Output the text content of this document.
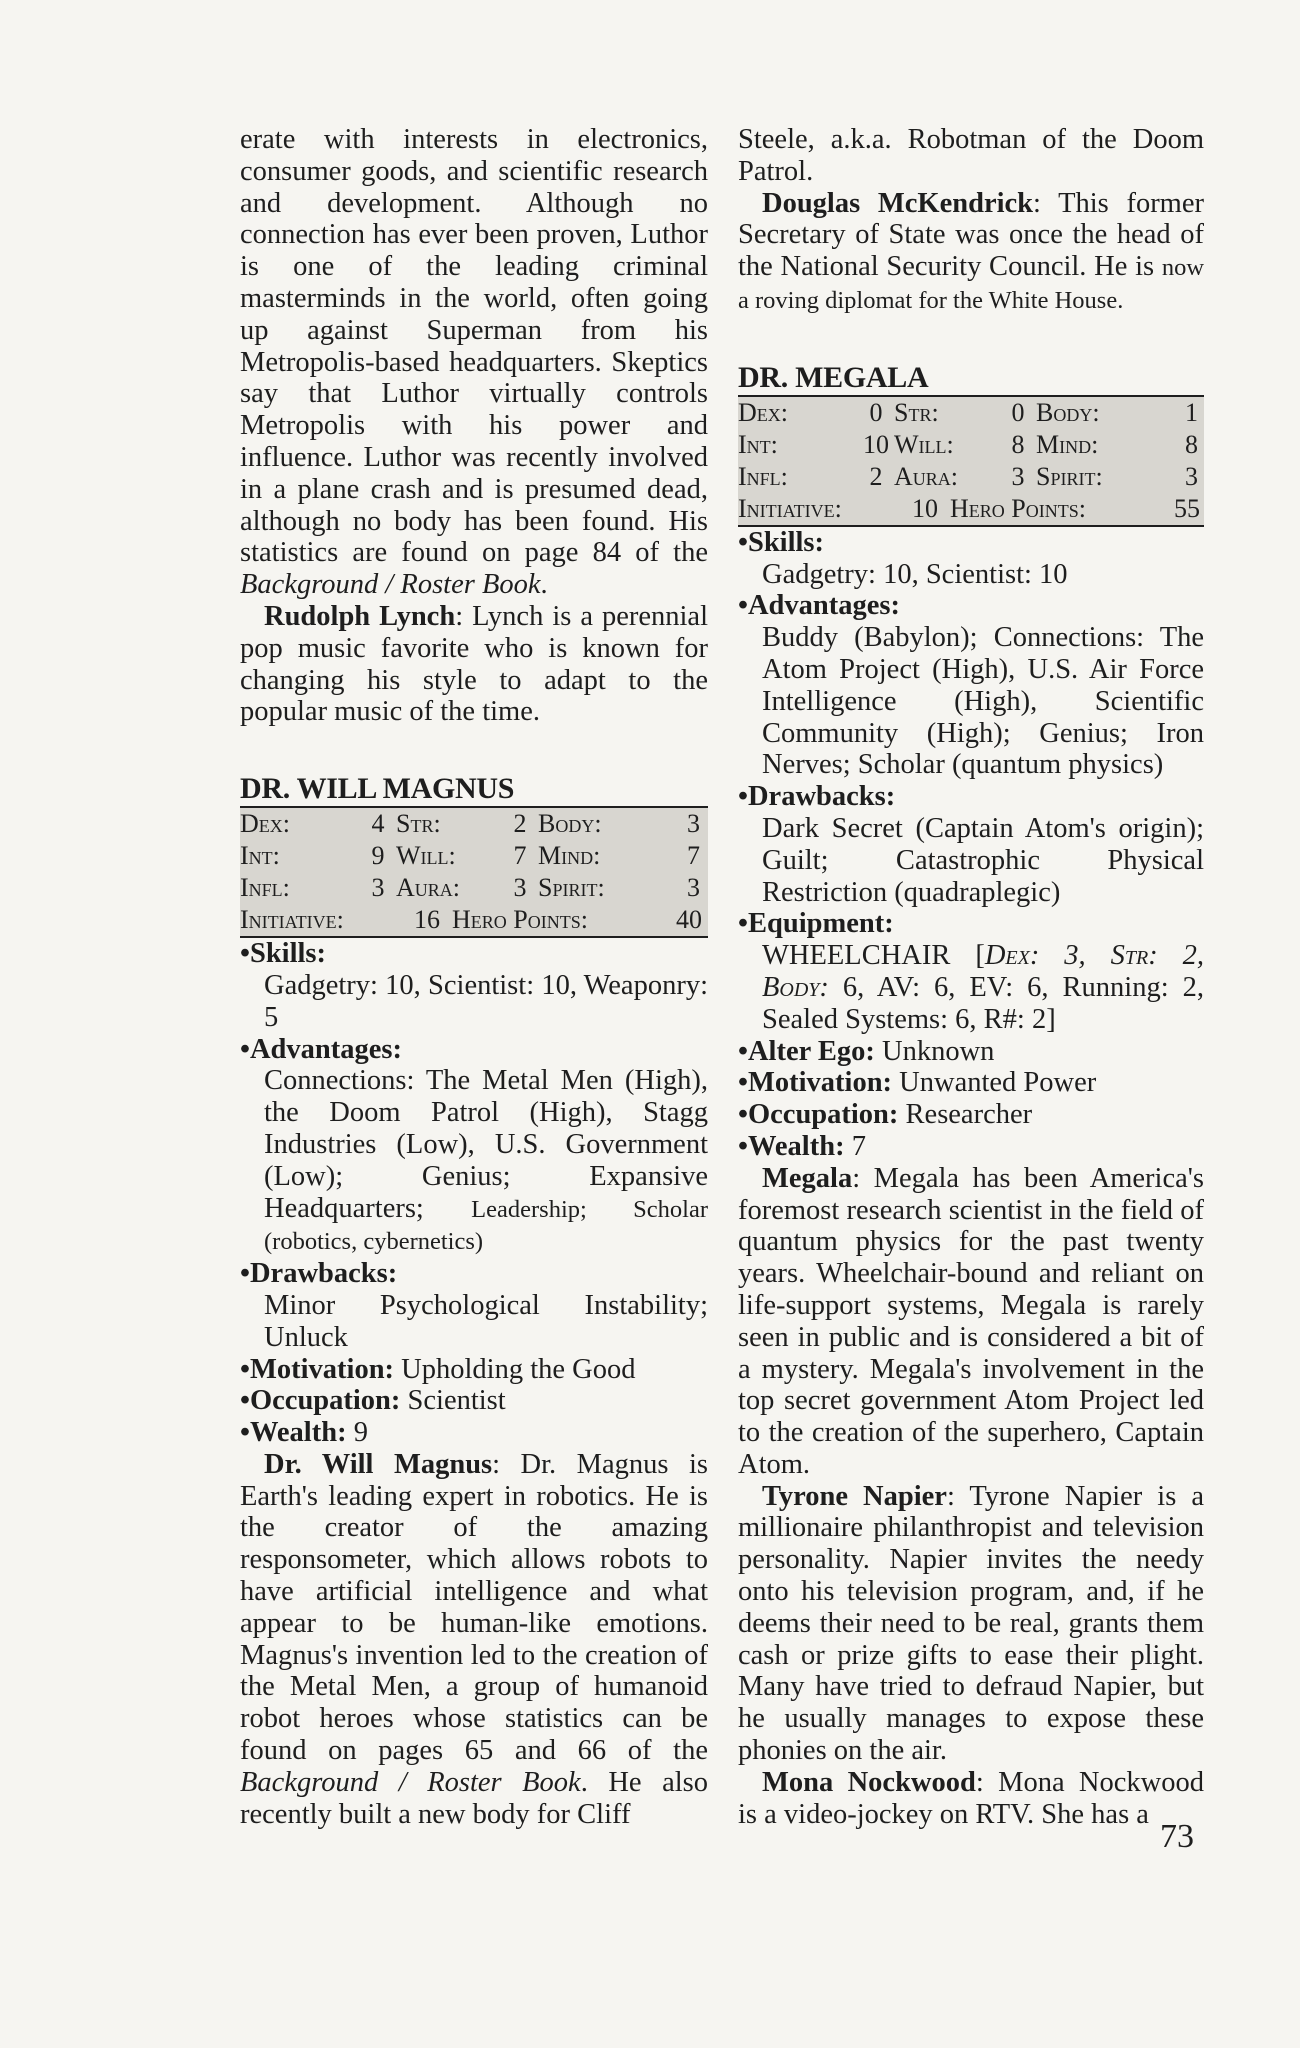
erate with interests in electronics, consumer goods, and scientific research and development. Although no connection has ever been proven, Luthor is one of the leading criminal masterminds in the world, often going up against Superman from his Metropolis-based headquarters. Skeptics say that Luthor virtually controls Metropolis with his power and influence. Luthor was recently involved in a plane crash and is presumed dead, although no body has been found. His statistics are found on page 84 of the Background / Roster Book.

Rudolph Lynch: Lynch is a perennial pop music favorite who is known for changing his style to adapt to the popular music of the time.

DR. WILL MAGNUS
Dex:	4 Str:	2 Body:	3
Int:	9 Will:	7 Mind:	7
Infl:	3 Aura:	3 Spirit:	3
Initiative:	16 Hero Points:	40

•Skills:

Gadgetry: 10, Scientist: 10, Weaponry: 5

•Advantages:

Connections: The Metal Men (High), the Doom Patrol (High), Stagg Industries (Low), U.S. Government (Low); Genius; Expansive Headquarters; Leadership; Scholar (robotics, cybernetics)

•Drawbacks:

Minor Psychological Instability; Unluck

•Motivation: Upholding the Good

•Occupation: Scientist

•Wealth: 9

Dr. Will Magnus: Dr. Magnus is Earth's leading expert in robotics. He is the creator of the amazing responsometer, which allows robots to have artificial intelligence and what appear to be human-like emotions. Magnus's invention led to the creation of the Metal Men, a group of humanoid robot heroes whose statistics can be found on pages 65 and 66 of the Background / Roster Book. He also recently built a new body for Cliff

Steele, a.k.a. Robotman of the Doom Patrol.

Douglas McKendrick: This former Secretary of State was once the head of the National Security Council. He is now a roving diplomat for the White House.

DR. MEGALA
Dex:	0 Str:	0 Body:	1
Int:	10 Will:	8 Mind:	8
Infl:	2 Aura:	3 Spirit:	3
Initiative:	10 Hero Points:	55

•Skills:

Gadgetry: 10, Scientist: 10

•Advantages:

Buddy (Babylon); Connections: The Atom Project (High), U.S. Air Force Intelligence (High), Scientific Community (High); Genius; Iron Nerves; Scholar (quantum physics)

•Drawbacks:

Dark Secret (Captain Atom's origin); Guilt; Catastrophic Physical Restriction (quadraplegic)

•Equipment:

WHEELCHAIR [Dex: 3, Str: 2, Body: 6, AV: 6, EV: 6, Running: 2, Sealed Systems: 6, R#: 2]

•Alter Ego: Unknown

•Motivation: Unwanted Power

•Occupation: Researcher

•Wealth: 7

Megala: Megala has been America's foremost research scientist in the field of quantum physics for the past twenty years. Wheelchair-bound and reliant on life-support systems, Megala is rarely seen in public and is considered a bit of a mystery. Megala's involvement in the top secret government Atom Project led to the creation of the superhero, Captain Atom.

Tyrone Napier: Tyrone Napier is a millionaire philanthropist and television personality. Napier invites the needy onto his television program, and, if he deems their need to be real, grants them cash or prize gifts to ease their plight. Many have tried to defraud Napier, but he usually manages to expose these phonies on the air.

Mona Nockwood: Mona Nockwood is a video-jockey on RTV. She has a

73
